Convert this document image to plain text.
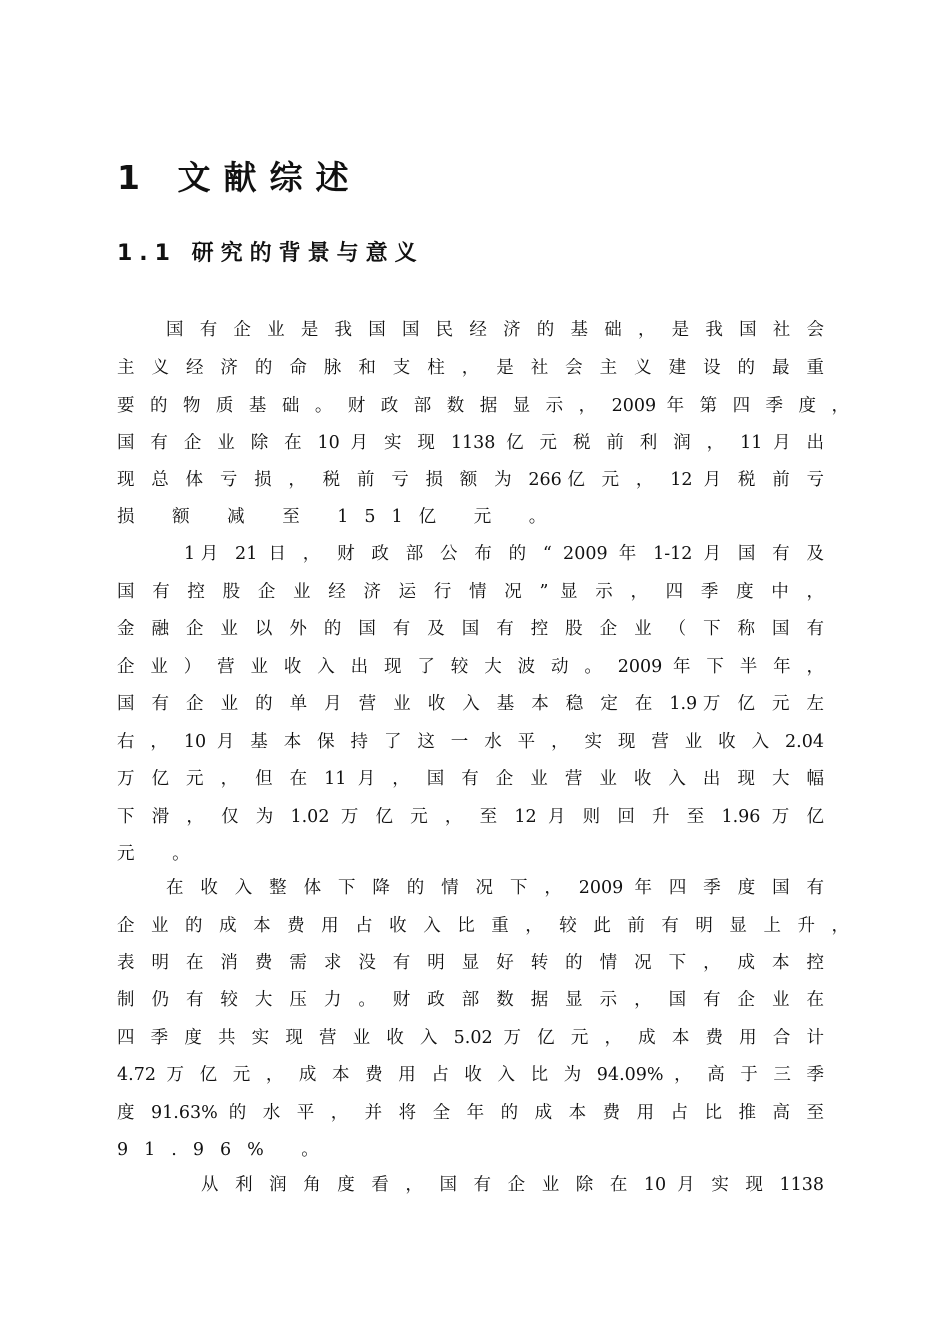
1 文献综述
1.1 研究的背景与意义
国 有 企 业 是 我 国 国 民 经 济 的 基 础 ， 是 我 国 社 会
主 义 经 济 的 命 脉 和 支 柱 ， 是 社 会 主 义 建 设 的 最 重
要 的 物 质 基 础 。 财 政 部 数 据 显 示 ， 2009 年 第 四 季 度 ，
国 有 企 业 除 在 10 月 实 现 1138 亿 元 税 前 利 润 ， 11 月 出
现 总 体 亏 损 ， 税 前 亏 损 额 为 266亿 元 ， 12 月 税 前 亏
损 额 减 至 151亿 元 。
1月 21 日 ， 财 政 部 公 布 的 “ 2009 年 1-12 月 国 有 及
国 有 控 股 企 业 经 济 运 行 情 况 ” 显 示 ， 四 季 度 中 ，
金 融 企 业 以 外 的 国 有 及 国 有 控 股 企 业 （ 下 称 国 有
企 业 ） 营 业 收 入 出 现 了 较 大 波 动 。 2009 年 下 半 年 ，
国 有 企 业 的 单 月 营 业 收 入 基 本 稳 定 在 1.9万 亿 元 左
右 ， 10 月 基 本 保 持 了 这 一 水 平 ， 实 现 营 业 收 入 2.04
万 亿 元 ， 但 在 11 月 ， 国 有 企 业 营 业 收 入 出 现 大 幅
下 滑 ， 仅 为 1.02 万 亿 元 ， 至 12 月 则 回 升 至 1.96 万 亿
元 。
在 收 入 整 体 下 降 的 情 况 下 ， 2009 年 四 季 度 国 有
企 业 的 成 本 费 用 占 收 入 比 重 ， 较 此 前 有 明 显 上 升 ，
表 明 在 消 费 需 求 没 有 明 显 好 转 的 情 况 下 ， 成 本 控
制 仍 有 较 大 压 力 。 财 政 部 数 据 显 示 ， 国 有 企 业 在
四 季 度 共 实 现 营 业 收 入 5.02 万 亿 元 ， 成 本 费 用 合 计
4.72 万 亿 元 ， 成 本 费 用 占 收 入 比 为 94.09% ， 高 于 三 季
度 91.63% 的 水 平 ， 并 将 全 年 的 成 本 费 用 占 比 推 高 至
91.96% 。
从 利 润 角 度 看 ， 国 有 企 业 除 在 10 月 实 现 1138
